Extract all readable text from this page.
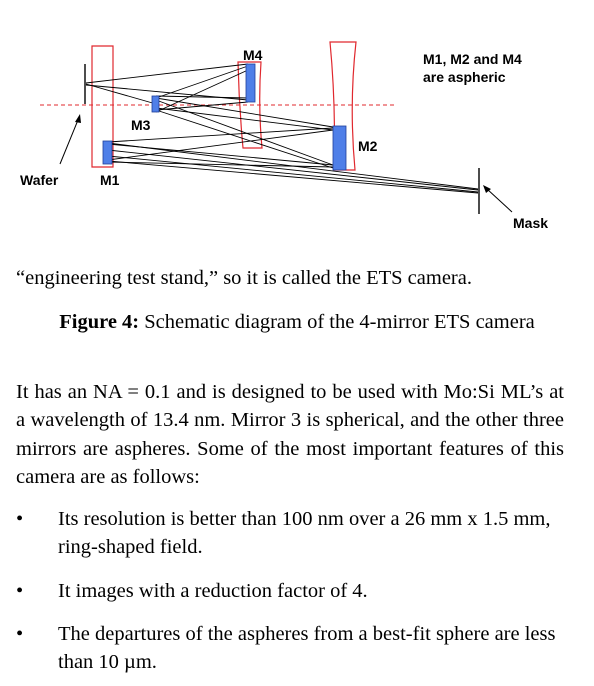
M4
M3
M2
M1
Wafer
Mask
M1, M2 and M4
are aspheric
“engineering test stand,” so it is called the ETS camera.
Figure 4: Schematic diagram of the 4-mirror ETS camera
It has an NA = 0.1 and is designed to be used with Mo:Si ML’s at a wavelength of 13.4 nm. Mirror 3 is spherical, and the other three mirrors are aspheres. Some of the most important features of this camera are as follows:
•	Its resolution is better than 100 nm over a 26 mm x 1.5 mm, ring-shaped field.
•	It images with a reduction factor of 4.
•	The departures of the aspheres from a best-fit sphere are less than 10 µm.
